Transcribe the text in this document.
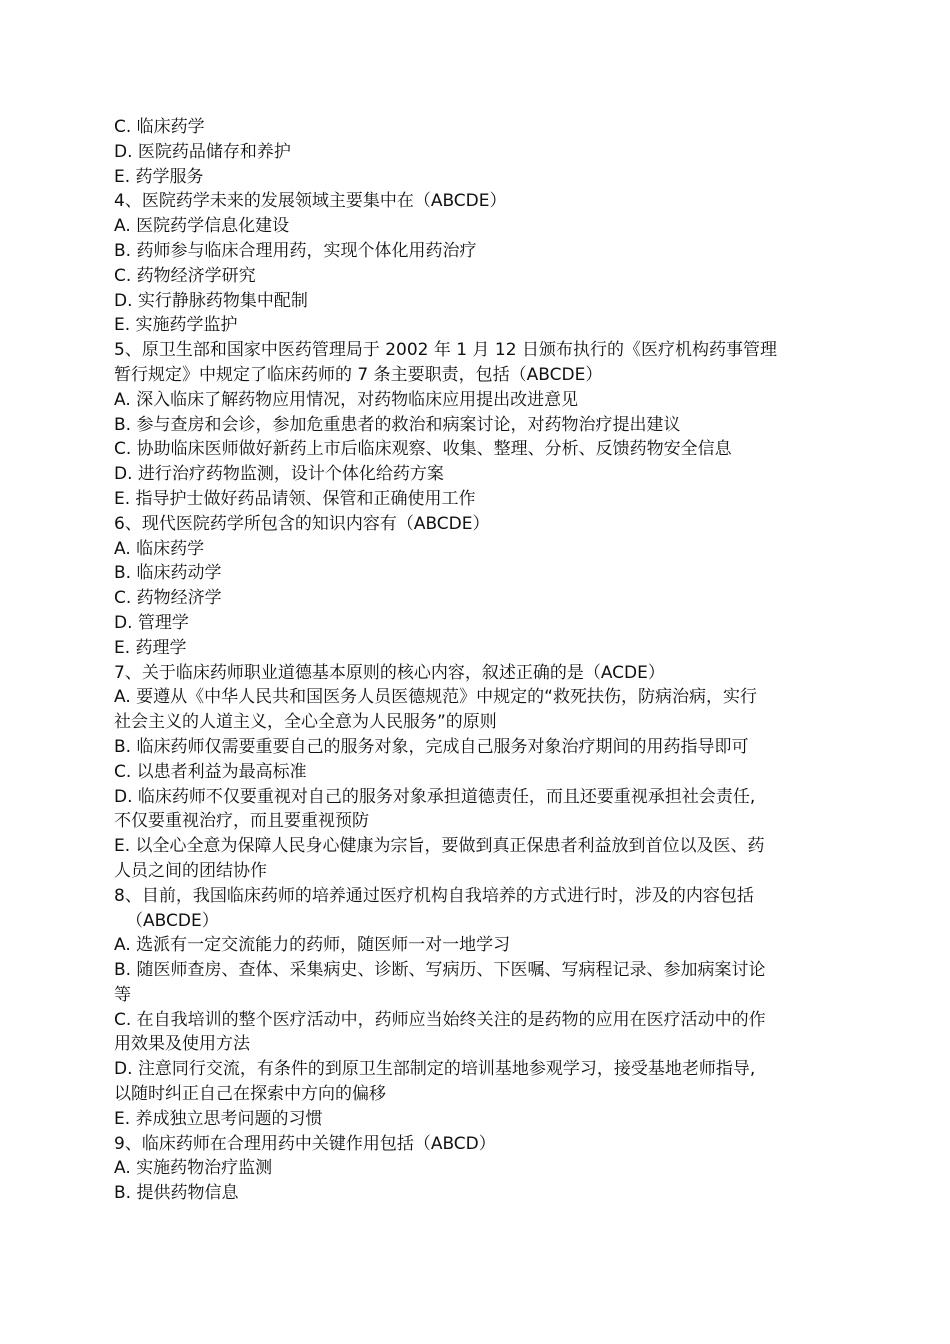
C. 临床药学
D. 医院药品储存和养护
E. 药学服务
4、医院药学未来的发展领域主要集中在（ABCDE）
A. 医院药学信息化建设
B. 药师参与临床合理用药，实现个体化用药治疗
C. 药物经济学研究
D. 实行静脉药物集中配制
E. 实施药学监护
5、原卫生部和国家中医药管理局于 2002 年 1 月 12 日颁布执行的《医疗机构药事管理
暂行规定》中规定了临床药师的 7 条主要职责，包括（ABCDE）
A. 深入临床了解药物应用情况，对药物临床应用提出改进意见
B. 参与查房和会诊，参加危重患者的救治和病案讨论，对药物治疗提出建议
C. 协助临床医师做好新药上市后临床观察、收集、整理、分析、反馈药物安全信息
D. 进行治疗药物监测，设计个体化给药方案
E. 指导护士做好药品请领、保管和正确使用工作
6、现代医院药学所包含的知识内容有（ABCDE）
A. 临床药学
B. 临床药动学
C. 药物经济学
D. 管理学
E. 药理学
7、关于临床药师职业道德基本原则的核心内容，叙述正确的是（ACDE）
A. 要遵从《中华人民共和国医务人员医德规范》中规定的“救死扶伤，防病治病，实行
社会主义的人道主义，全心全意为人民服务”的原则
B. 临床药师仅需要重要自己的服务对象，完成自己服务对象治疗期间的用药指导即可
C. 以患者利益为最高标准
D. 临床药师不仅要重视对自己的服务对象承担道德责任，而且还要重视承担社会责任,
不仅要重视治疗，而且要重视预防
E. 以全心全意为保障人民身心健康为宗旨，要做到真正保患者利益放到首位以及医、药
人员之间的团结协作
8、目前，我国临床药师的培养通过医疗机构自我培养的方式进行时，涉及的内容包括
（ABCDE）
A. 选派有一定交流能力的药师，随医师一对一地学习
B. 随医师查房、查体、采集病史、诊断、写病历、下医嘱、写病程记录、参加病案讨论
等
C. 在自我培训的整个医疗活动中，药师应当始终关注的是药物的应用在医疗活动中的作
用效果及使用方法
D. 注意同行交流，有条件的到原卫生部制定的培训基地参观学习，接受基地老师指导,
以随时纠正自己在探索中方向的偏移
E. 养成独立思考问题的习惯
9、临床药师在合理用药中关键作用包括（ABCD）
A. 实施药物治疗监测
B. 提供药物信息
